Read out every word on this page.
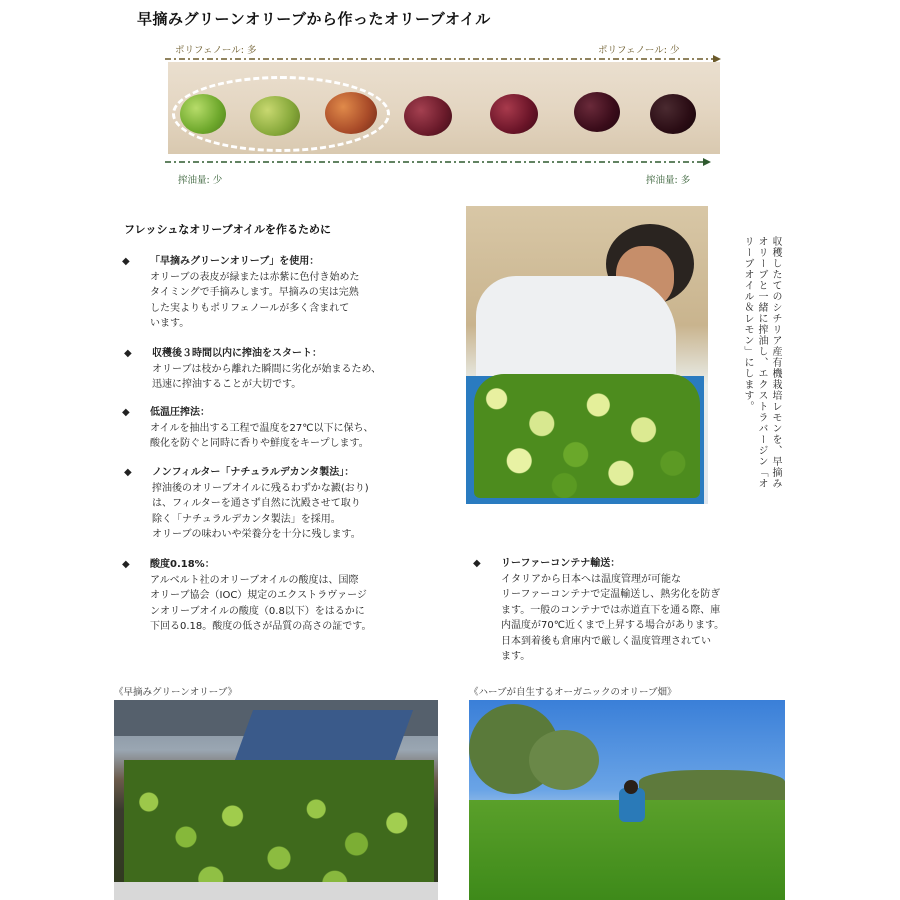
早摘みグリーンオリーブから作ったオリーブオイル
ポリフェノール: 多	ポリフェノール: 少
搾油量: 少	搾油量: 多
フレッシュなオリーブオイルを作るために
◆ 「早摘みグリーンオリーブ」を使用：
オリーブの表皮が緑または赤紫に色付き始めた
タイミングで手摘みします。早摘みの実は完熟
した実よりもポリフェノールが多く含まれて
います。
◆ 収穫後３時間以内に搾油をスタート：
オリーブは枝から離れた瞬間に劣化が始まるため、
迅速に搾油することが大切です。
◆ 低温圧搾法：
オイルを抽出する工程で温度を27℃以下に保ち、
酸化を防ぐと同時に香りや鮮度をキープします。
◆ ノンフィルター「ナチュラルデカンタ製法」：
搾油後のオリーブオイルに残るわずかな澱(おり)
は、フィルターを通さず自然に沈殿させて取り
除く「ナチュラルデカンタ製法」を採用。
オリーブの味わいや栄養分を十分に残します。
◆ 酸度0.18%：
アルベルト社のオリーブオイルの酸度は、国際
オリーブ協会（IOC）規定のエクストラヴァージ
ンオリーブオイルの酸度（0.8以下）をはるかに
下回る0.18。酸度の低さが品質の高さの証です。
収穫したてのシチリア産有機栽培レモンを、早摘みオリーブと一緒に搾油し、エクストラバージン「オリーブオイル＆レモン」にします。
◆ リーファーコンテナ輸送：
イタリアから日本へは温度管理が可能な
リーファーコンテナで定温輸送し、熱劣化を防ぎ
ます。一般のコンテナでは赤道直下を通る際、庫
内温度が70℃近くまで上昇する場合があります。
日本到着後も倉庫内で厳しく温度管理されてい
ます。
《早摘みグリーンオリーブ》	《ハーブが自生するオーガニックのオリーブ畑》
